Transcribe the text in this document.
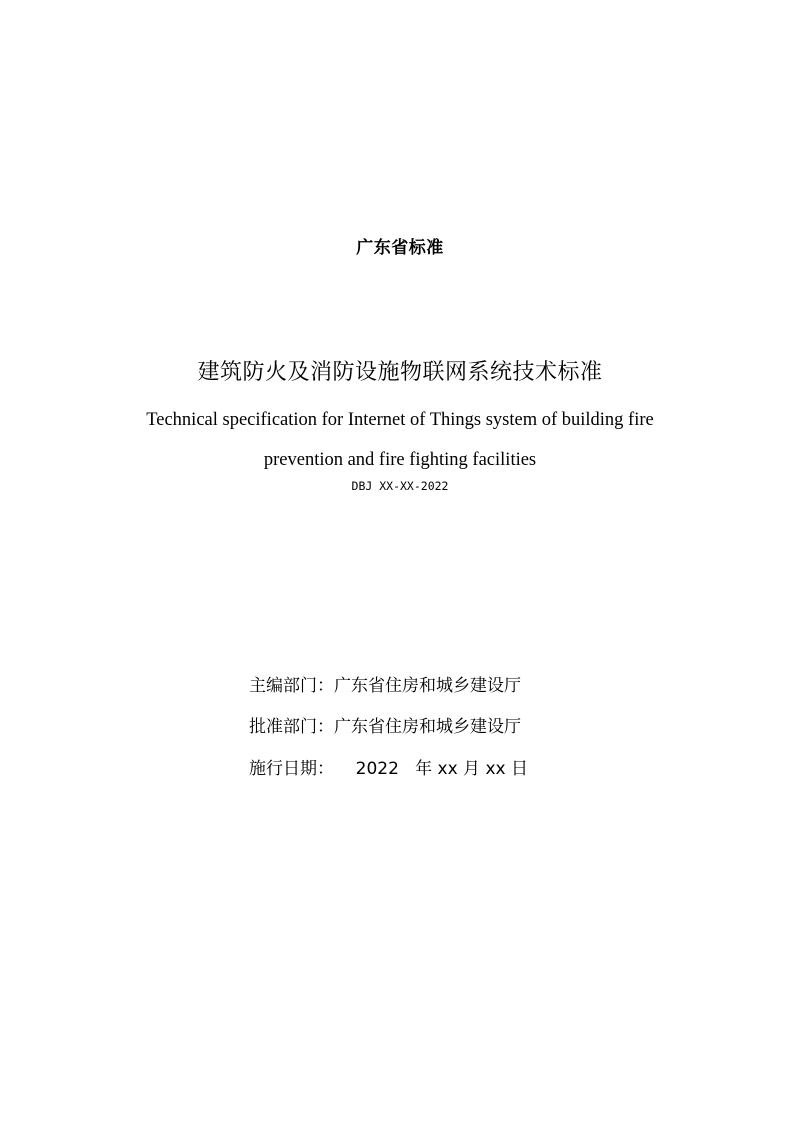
广东省标准
建筑防火及消防设施物联网系统技术标准
Technical specification for Internet of Things system of building fire prevention and fire fighting facilities
DBJ XX-XX-2022
主编部门：广东省住房和城乡建设厅
批准部门：广东省住房和城乡建设厅
施行日期： 2022 年 xx 月 xx 日
